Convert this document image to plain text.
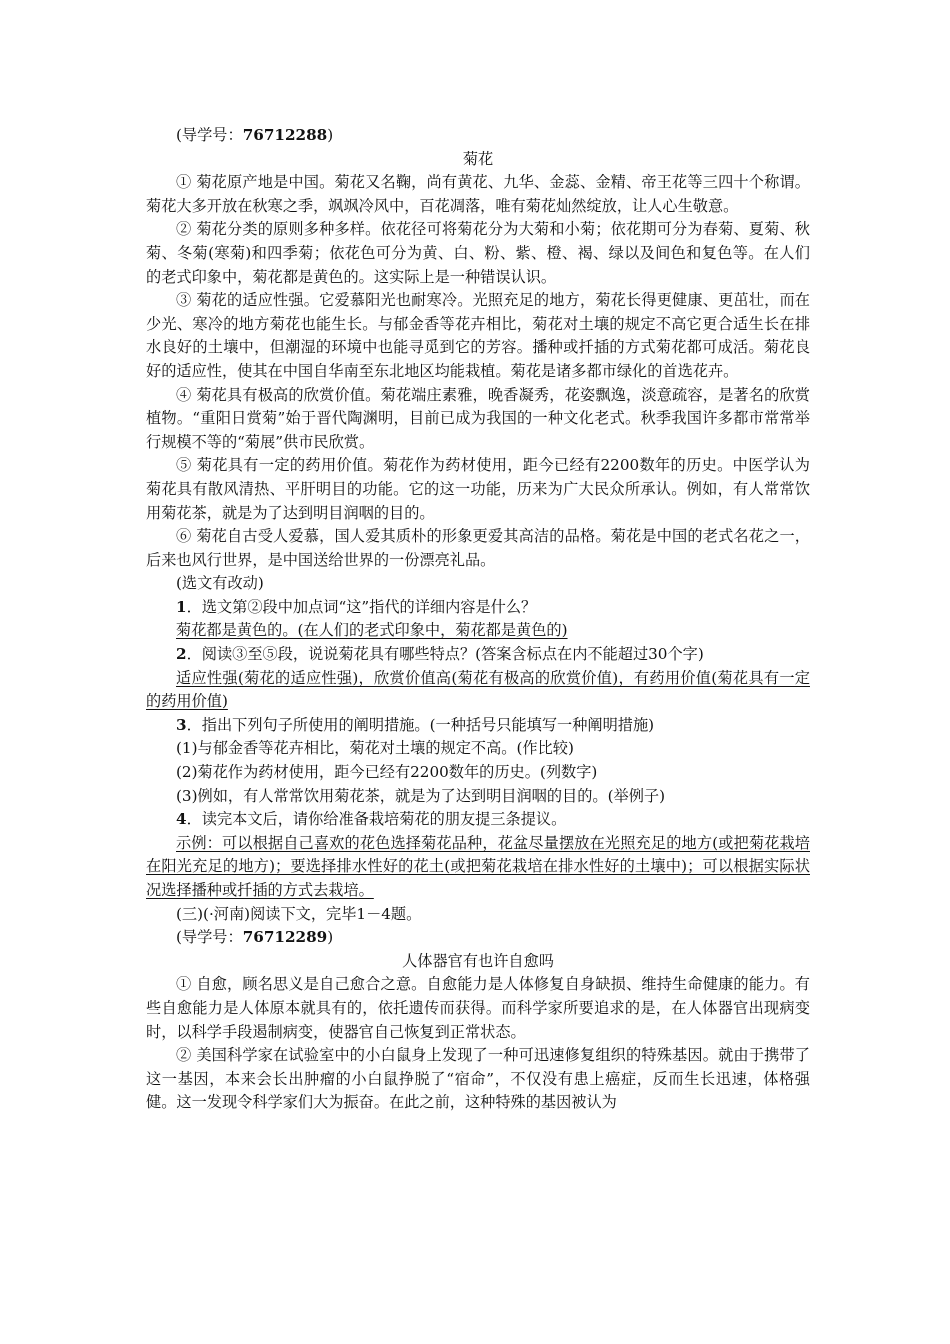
(导学号：76712288)

菊花

① 菊花原产地是中国。菊花又名鞠，尚有黄花、九华、金蕊、金精、帝王花等三四十个称谓。菊花大多开放在秋寒之季，飒飒冷风中，百花凋落，唯有菊花灿然绽放，让人心生敬意。

② 菊花分类的原则多种多样。依花径可将菊花分为大菊和小菊；依花期可分为春菊、夏菊、秋菊、冬菊(寒菊)和四季菊；依花色可分为黄、白、粉、紫、橙、褐、绿以及间色和复色等。在人们的老式印象中，菊花都是黄色的。这实际上是一种错误认识。

③ 菊花的适应性强。它爱慕阳光也耐寒冷。光照充足的地方，菊花长得更健康、更茁壮，而在少光、寒冷的地方菊花也能生长。与郁金香等花卉相比，菊花对土壤的规定不高它更合适生长在排水良好的土壤中，但潮湿的环境中也能寻觅到它的芳容。播种或扦插的方式菊花都可成活。菊花良好的适应性，使其在中国自华南至东北地区均能栽植。菊花是诸多都市绿化的首选花卉。

④ 菊花具有极高的欣赏价值。菊花端庄素雅，晚香凝秀，花姿飘逸，淡意疏容，是著名的欣赏植物。“重阳日赏菊”始于晋代陶渊明，目前已成为我国的一种文化老式。秋季我国许多都市常常举行规模不等的“菊展”供市民欣赏。

⑤ 菊花具有一定的药用价值。菊花作为药材使用，距今已经有2200数年的历史。中医学认为菊花具有散风清热、平肝明目的功能。它的这一功能，历来为广大民众所承认。例如，有人常常饮用菊花茶，就是为了达到明目润咽的目的。

⑥ 菊花自古受人爱慕，国人爱其质朴的形象更爱其高洁的品格。菊花是中国的老式名花之一，后来也风行世界，是中国送给世界的一份漂亮礼品。

(选文有改动)

1．选文第②段中加点词“这”指代的详细内容是什么？

菊花都是黄色的。(在人们的老式印象中，菊花都是黄色的)

2．阅读③至⑤段，说说菊花具有哪些特点？(答案含标点在内不能超过30个字)

适应性强(菊花的适应性强)，欣赏价值高(菊花有极高的欣赏价值)，有药用价值(菊花具有一定的药用价值)

3．指出下列句子所使用的阐明措施。(一种括号只能填写一种阐明措施)

(1)与郁金香等花卉相比，菊花对土壤的规定不高。(作比较)

(2)菊花作为药材使用，距今已经有2200数年的历史。(列数字)

(3)例如，有人常常饮用菊花茶，就是为了达到明目润咽的目的。(举例子)

4．读完本文后，请你给准备栽培菊花的朋友提三条提议。

示例：可以根据自己喜欢的花色选择菊花品种，花盆尽量摆放在光照充足的地方(或把菊花栽培在阳光充足的地方)；要选择排水性好的花土(或把菊花栽培在排水性好的土壤中)；可以根据实际状况选择播种或扦插的方式去栽培。

(三)(·河南)阅读下文，完毕1－4题。

(导学号：76712289)

人体器官有也许自愈吗

① 自愈，顾名思义是自己愈合之意。自愈能力是人体修复自身缺损、维持生命健康的能力。有些自愈能力是人体原本就具有的，依托遗传而获得。而科学家所要追求的是，在人体器官出现病变时，以科学手段遏制病变，使器官自己恢复到正常状态。

② 美国科学家在试验室中的小白鼠身上发现了一种可迅速修复组织的特殊基因。就由于携带了这一基因，本来会长出肿瘤的小白鼠挣脱了“宿命”，不仅没有患上癌症，反而生长迅速，体格强健。这一发现令科学家们大为振奋。在此之前，这种特殊的基因被认为
